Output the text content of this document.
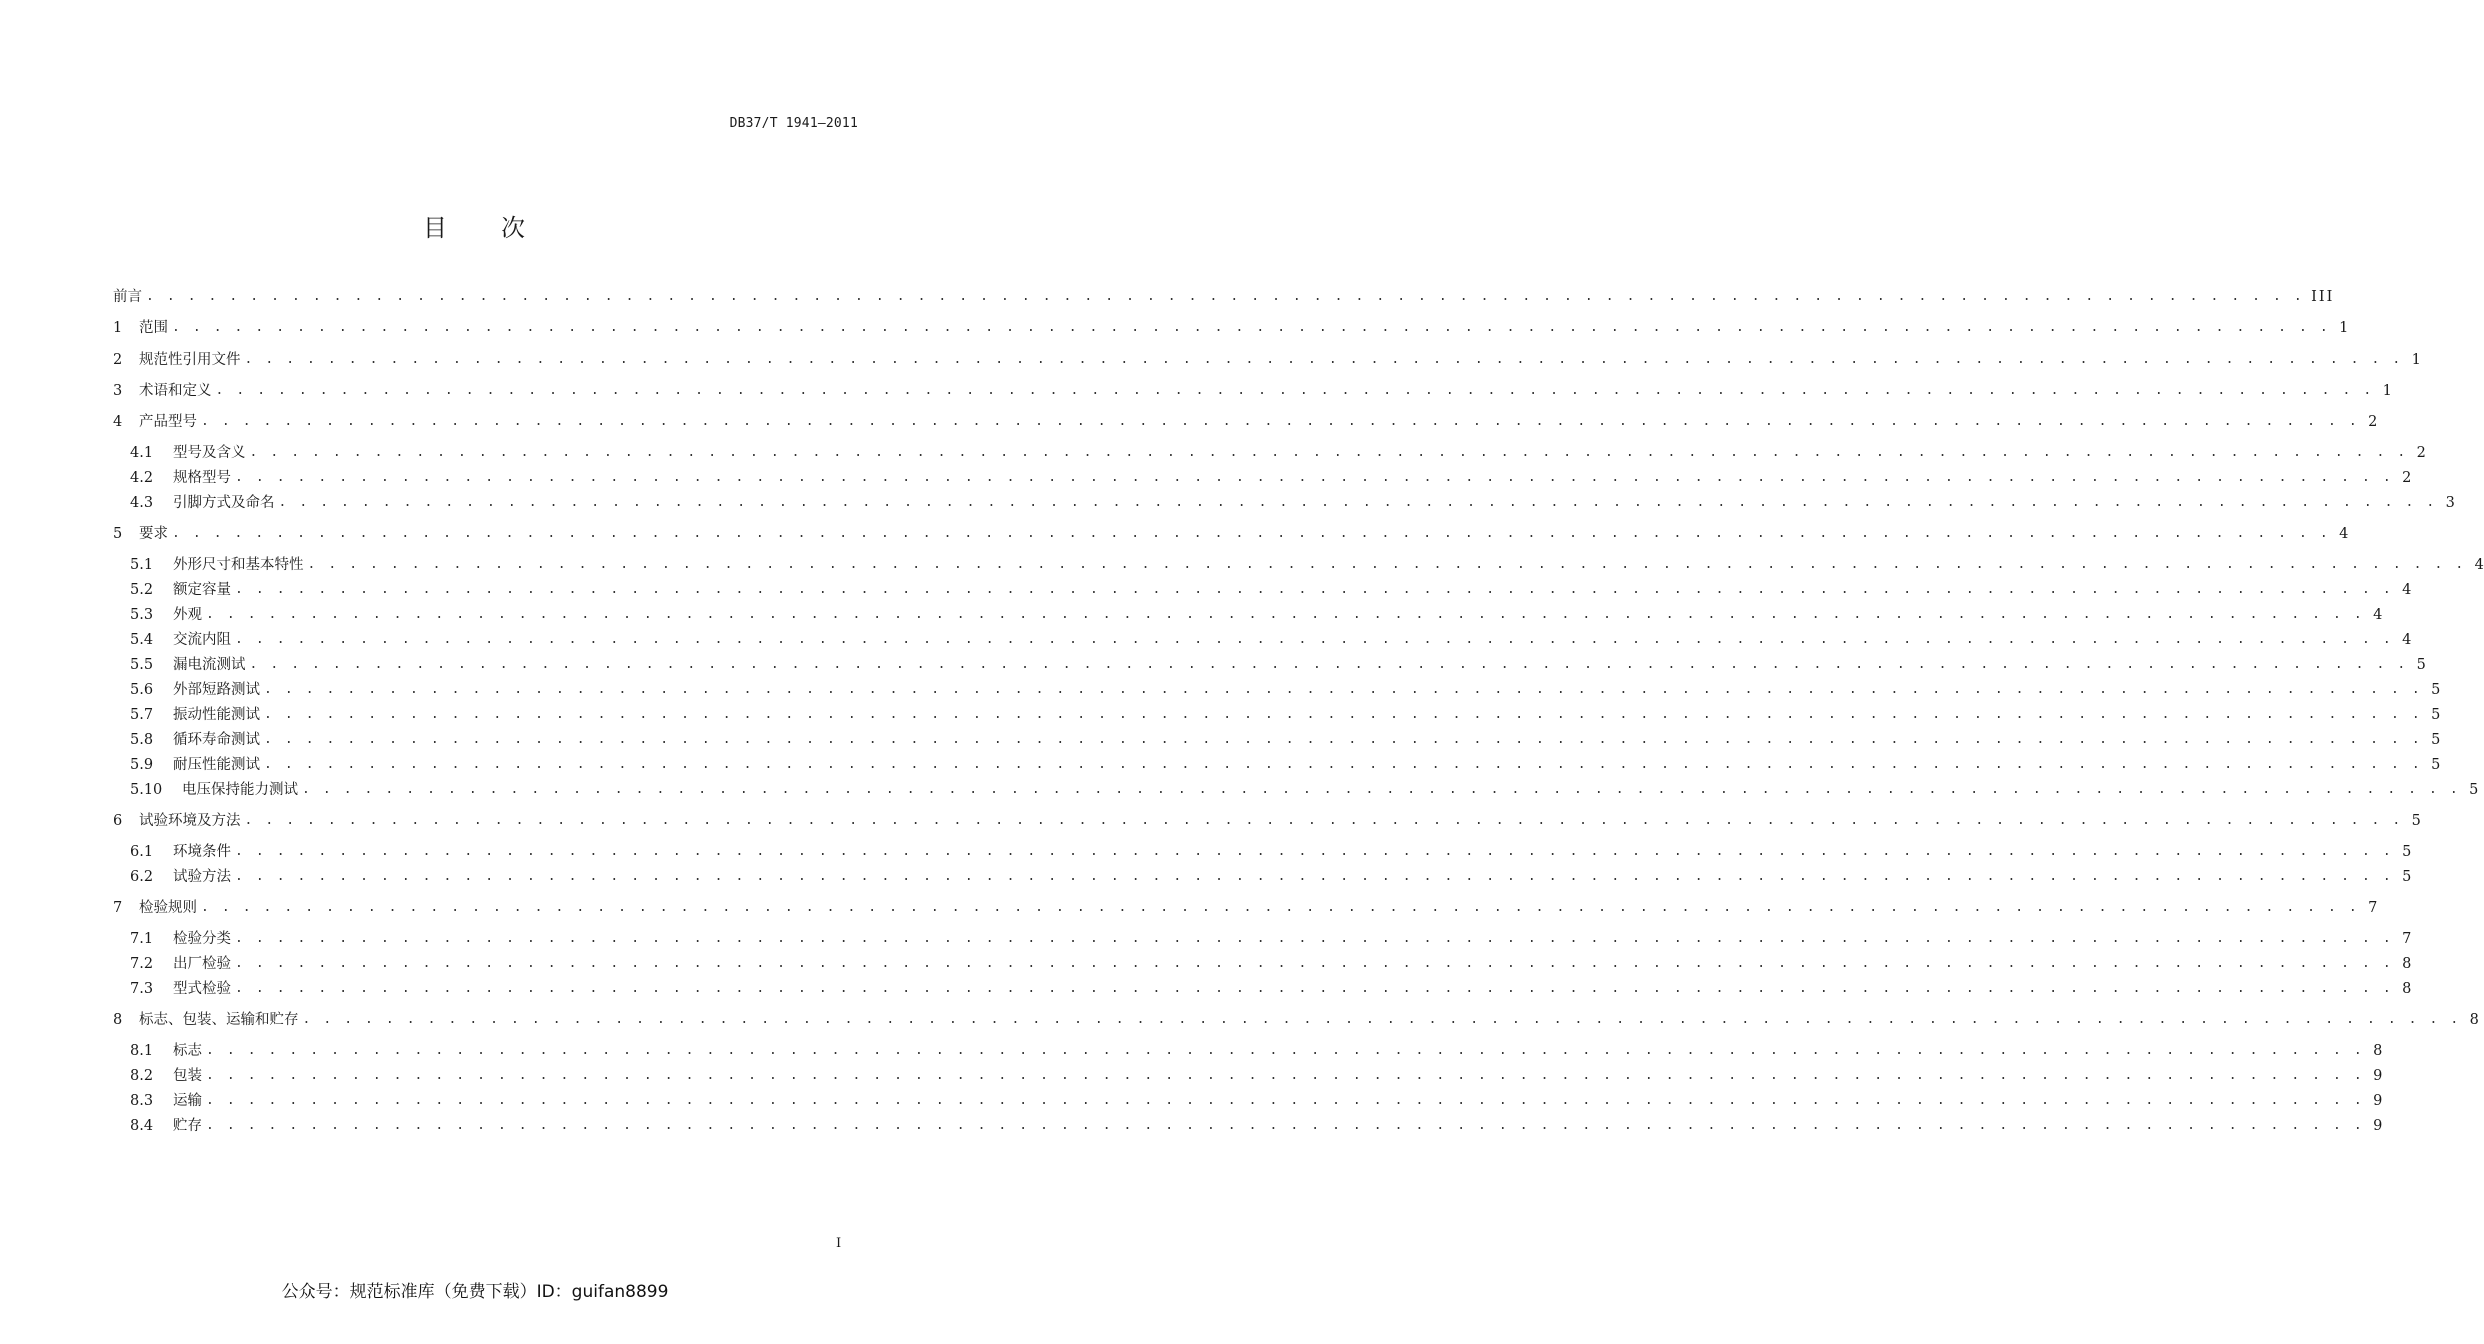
DB37/T 1941—2011
目　　次
前言 . . . . . . . . . . . . . . . . . . . . . . . . . . . . . . . . . . . . . . . . . . . . . . . . . . . . . . . . . . . . . . . . . . . . . . . . . . . . . . . . . . . . . . . . . . . . . . . . . . . . . . . . III
1	范围 . . . . . . . . . . . . . . . . . . . . . . . . . . . . . . . . . . . . . . . . . . . . . . . . . . . . . . . . . . . . . . . . . . . . . . . . . . . . . . . . . . . . . . . . . . . . . . . . . . . . . . . . 1
2	规范性引用文件 . . . . . . . . . . . . . . . . . . . . . . . . . . . . . . . . . . . . . . . . . . . . . . . . . . . . . . . . . . . . . . . . . . . . . . . . . . . . . . . . . . . . . . . . . . . . . . . . . . . . . . . . 1
3	术语和定义 . . . . . . . . . . . . . . . . . . . . . . . . . . . . . . . . . . . . . . . . . . . . . . . . . . . . . . . . . . . . . . . . . . . . . . . . . . . . . . . . . . . . . . . . . . . . . . . . . . . . . . . . 1
4	产品型号 . . . . . . . . . . . . . . . . . . . . . . . . . . . . . . . . . . . . . . . . . . . . . . . . . . . . . . . . . . . . . . . . . . . . . . . . . . . . . . . . . . . . . . . . . . . . . . . . . . . . . . . . 2
4.1	型号及含义 . . . . . . . . . . . . . . . . . . . . . . . . . . . . . . . . . . . . . . . . . . . . . . . . . . . . . . . . . . . . . . . . . . . . . . . . . . . . . . . . . . . . . . . . . . . . . . . . . . . . . . . . 2
4.2	规格型号 . . . . . . . . . . . . . . . . . . . . . . . . . . . . . . . . . . . . . . . . . . . . . . . . . . . . . . . . . . . . . . . . . . . . . . . . . . . . . . . . . . . . . . . . . . . . . . . . . . . . . . . . 2
4.3	引脚方式及命名 . . . . . . . . . . . . . . . . . . . . . . . . . . . . . . . . . . . . . . . . . . . . . . . . . . . . . . . . . . . . . . . . . . . . . . . . . . . . . . . . . . . . . . . . . . . . . . . . . . . . . . . . 3
5	要求 . . . . . . . . . . . . . . . . . . . . . . . . . . . . . . . . . . . . . . . . . . . . . . . . . . . . . . . . . . . . . . . . . . . . . . . . . . . . . . . . . . . . . . . . . . . . . . . . . . . . . . . . 4
5.1	外形尺寸和基本特性 . . . . . . . . . . . . . . . . . . . . . . . . . . . . . . . . . . . . . . . . . . . . . . . . . . . . . . . . . . . . . . . . . . . . . . . . . . . . . . . . . . . . . . . . . . . . . . . . . . . . . . . . 4
5.2	额定容量 . . . . . . . . . . . . . . . . . . . . . . . . . . . . . . . . . . . . . . . . . . . . . . . . . . . . . . . . . . . . . . . . . . . . . . . . . . . . . . . . . . . . . . . . . . . . . . . . . . . . . . . . 4
5.3	外观 . . . . . . . . . . . . . . . . . . . . . . . . . . . . . . . . . . . . . . . . . . . . . . . . . . . . . . . . . . . . . . . . . . . . . . . . . . . . . . . . . . . . . . . . . . . . . . . . . . . . . . . . 4
5.4	交流内阻 . . . . . . . . . . . . . . . . . . . . . . . . . . . . . . . . . . . . . . . . . . . . . . . . . . . . . . . . . . . . . . . . . . . . . . . . . . . . . . . . . . . . . . . . . . . . . . . . . . . . . . . . 4
5.5	漏电流测试 . . . . . . . . . . . . . . . . . . . . . . . . . . . . . . . . . . . . . . . . . . . . . . . . . . . . . . . . . . . . . . . . . . . . . . . . . . . . . . . . . . . . . . . . . . . . . . . . . . . . . . . . 5
5.6	外部短路测试 . . . . . . . . . . . . . . . . . . . . . . . . . . . . . . . . . . . . . . . . . . . . . . . . . . . . . . . . . . . . . . . . . . . . . . . . . . . . . . . . . . . . . . . . . . . . . . . . . . . . . . . . 5
5.7	振动性能测试 . . . . . . . . . . . . . . . . . . . . . . . . . . . . . . . . . . . . . . . . . . . . . . . . . . . . . . . . . . . . . . . . . . . . . . . . . . . . . . . . . . . . . . . . . . . . . . . . . . . . . . . . 5
5.8	循环寿命测试 . . . . . . . . . . . . . . . . . . . . . . . . . . . . . . . . . . . . . . . . . . . . . . . . . . . . . . . . . . . . . . . . . . . . . . . . . . . . . . . . . . . . . . . . . . . . . . . . . . . . . . . . 5
5.9	耐压性能测试 . . . . . . . . . . . . . . . . . . . . . . . . . . . . . . . . . . . . . . . . . . . . . . . . . . . . . . . . . . . . . . . . . . . . . . . . . . . . . . . . . . . . . . . . . . . . . . . . . . . . . . . . 5
5.10	电压保持能力测试 . . . . . . . . . . . . . . . . . . . . . . . . . . . . . . . . . . . . . . . . . . . . . . . . . . . . . . . . . . . . . . . . . . . . . . . . . . . . . . . . . . . . . . . . . . . . . . . . . . . . . . . . 5
6	试验环境及方法 . . . . . . . . . . . . . . . . . . . . . . . . . . . . . . . . . . . . . . . . . . . . . . . . . . . . . . . . . . . . . . . . . . . . . . . . . . . . . . . . . . . . . . . . . . . . . . . . . . . . . . . . 5
6.1	环境条件 . . . . . . . . . . . . . . . . . . . . . . . . . . . . . . . . . . . . . . . . . . . . . . . . . . . . . . . . . . . . . . . . . . . . . . . . . . . . . . . . . . . . . . . . . . . . . . . . . . . . . . . . 5
6.2	试验方法 . . . . . . . . . . . . . . . . . . . . . . . . . . . . . . . . . . . . . . . . . . . . . . . . . . . . . . . . . . . . . . . . . . . . . . . . . . . . . . . . . . . . . . . . . . . . . . . . . . . . . . . . 5
7	检验规则 . . . . . . . . . . . . . . . . . . . . . . . . . . . . . . . . . . . . . . . . . . . . . . . . . . . . . . . . . . . . . . . . . . . . . . . . . . . . . . . . . . . . . . . . . . . . . . . . . . . . . . . . 7
7.1	检验分类 . . . . . . . . . . . . . . . . . . . . . . . . . . . . . . . . . . . . . . . . . . . . . . . . . . . . . . . . . . . . . . . . . . . . . . . . . . . . . . . . . . . . . . . . . . . . . . . . . . . . . . . . 7
7.2	出厂检验 . . . . . . . . . . . . . . . . . . . . . . . . . . . . . . . . . . . . . . . . . . . . . . . . . . . . . . . . . . . . . . . . . . . . . . . . . . . . . . . . . . . . . . . . . . . . . . . . . . . . . . . . 8
7.3	型式检验 . . . . . . . . . . . . . . . . . . . . . . . . . . . . . . . . . . . . . . . . . . . . . . . . . . . . . . . . . . . . . . . . . . . . . . . . . . . . . . . . . . . . . . . . . . . . . . . . . . . . . . . . 8
8	标志、包装、运输和贮存 . . . . . . . . . . . . . . . . . . . . . . . . . . . . . . . . . . . . . . . . . . . . . . . . . . . . . . . . . . . . . . . . . . . . . . . . . . . . . . . . . . . . . . . . . . . . . . . . . . . . . . . . 8
8.1	标志 . . . . . . . . . . . . . . . . . . . . . . . . . . . . . . . . . . . . . . . . . . . . . . . . . . . . . . . . . . . . . . . . . . . . . . . . . . . . . . . . . . . . . . . . . . . . . . . . . . . . . . . . 8
8.2	包装 . . . . . . . . . . . . . . . . . . . . . . . . . . . . . . . . . . . . . . . . . . . . . . . . . . . . . . . . . . . . . . . . . . . . . . . . . . . . . . . . . . . . . . . . . . . . . . . . . . . . . . . . 9
8.3	运输 . . . . . . . . . . . . . . . . . . . . . . . . . . . . . . . . . . . . . . . . . . . . . . . . . . . . . . . . . . . . . . . . . . . . . . . . . . . . . . . . . . . . . . . . . . . . . . . . . . . . . . . . 9
8.4	贮存 . . . . . . . . . . . . . . . . . . . . . . . . . . . . . . . . . . . . . . . . . . . . . . . . . . . . . . . . . . . . . . . . . . . . . . . . . . . . . . . . . . . . . . . . . . . . . . . . . . . . . . . . 9
I
公众号：规范标准库（免费下载）ID：guifan8899
